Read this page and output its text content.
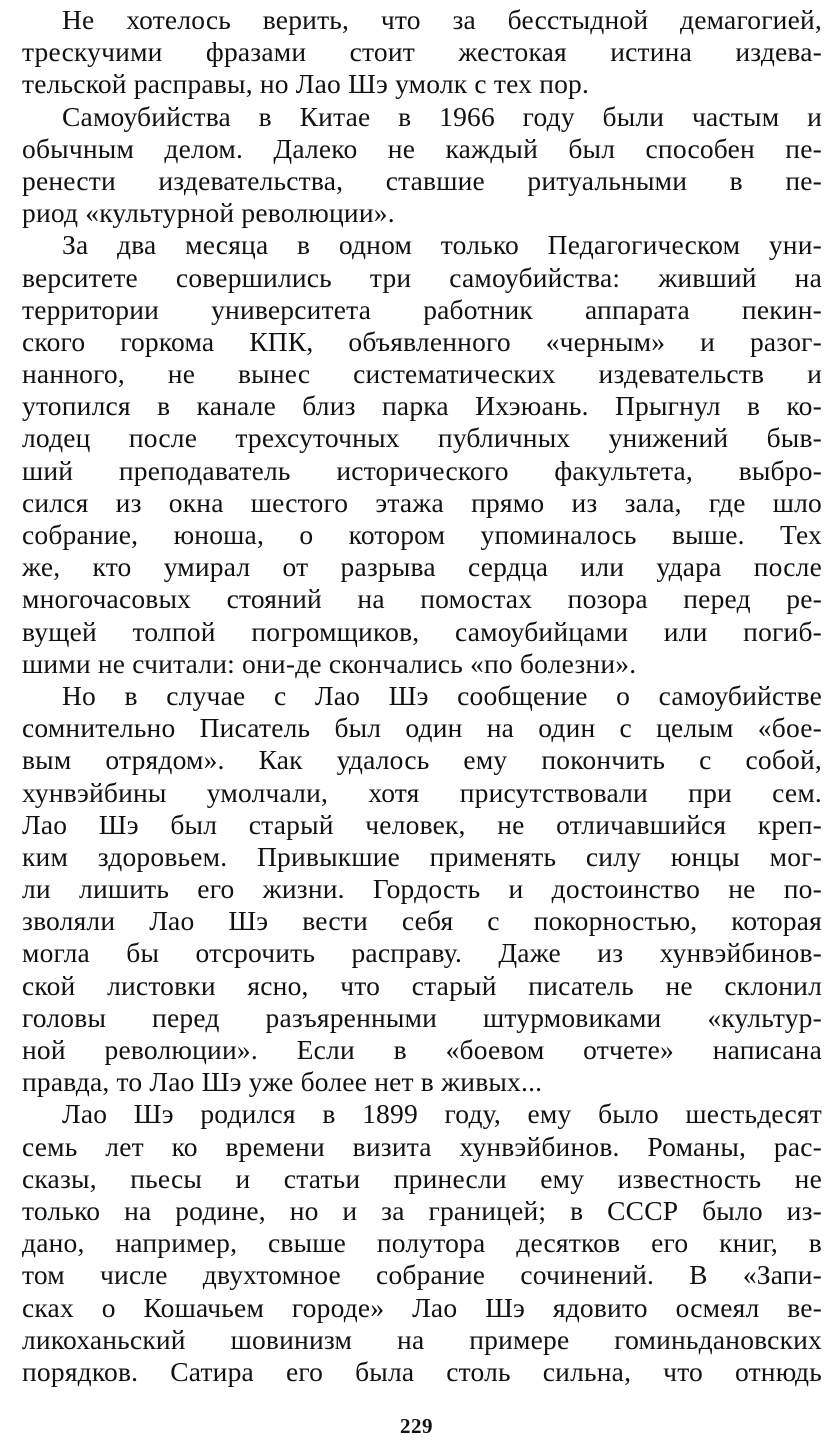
Не хотелось верить, что за бесстыдной демагогией,
трескучими фразами стоит жестокая истина издева-
тельской расправы, но Лао Шэ умолк с тех пор.
Самоубийства в Китае в 1966 году были частым и
обычным делом. Далеко не каждый был способен пе-
ренести издевательства, ставшие ритуальными в пе-
риод «культурной революции».
За два месяца в одном только Педагогическом уни-
верситете совершились три самоубийства: живший на
территории университета работник аппарата пекин-
ского горкома КПК, объявленного «черным» и разог-
нанного, не вынес систематических издевательств и
утопился в канале близ парка Ихэюань. Прыгнул в ко-
лодец после трехсуточных публичных унижений быв-
ший преподаватель исторического факультета, выбро-
сился из окна шестого этажа прямо из зала, где шло
собрание, юноша, о котором упоминалось выше. Тех
же, кто умирал от разрыва сердца или удара после
многочасовых стояний на помостах позора перед ре-
вущей толпой погромщиков, самоубийцами или погиб-
шими не считали: они-де скончались «по болезни».
Но в случае с Лао Шэ сообщение о самоубийстве
сомнительно Писатель был один на один с целым «бое-
вым отрядом». Как удалось ему покончить с собой,
хунвэйбины умолчали, хотя присутствовали при сем.
Лао Шэ был старый человек, не отличавшийся креп-
ким здоровьем. Привыкшие применять силу юнцы мог-
ли лишить его жизни. Гордость и достоинство не по-
зволяли Лао Шэ вести себя с покорностью, которая
могла бы отсрочить расправу. Даже из хунвэйбинов-
ской листовки ясно, что старый писатель не склонил
головы перед разъяренными штурмовиками «культур-
ной революции». Если в «боевом отчете» написана
правда, то Лао Шэ уже более нет в живых...
Лао Шэ родился в 1899 году, ему было шестьдесят
семь лет ко времени визита хунвэйбинов. Романы, рас-
сказы, пьесы и статьи принесли ему известность не
только на родине, но и за границей; в СССР было из-
дано, например, свыше полутора десятков его книг, в
том числе двухтомное собрание сочинений. В «Запи-
сках о Кошачьем городе» Лао Шэ ядовито осмеял ве-
ликоханьский шовинизм на примере гоминьдановских
порядков. Сатира его была столь сильна, что отнюдь
229
